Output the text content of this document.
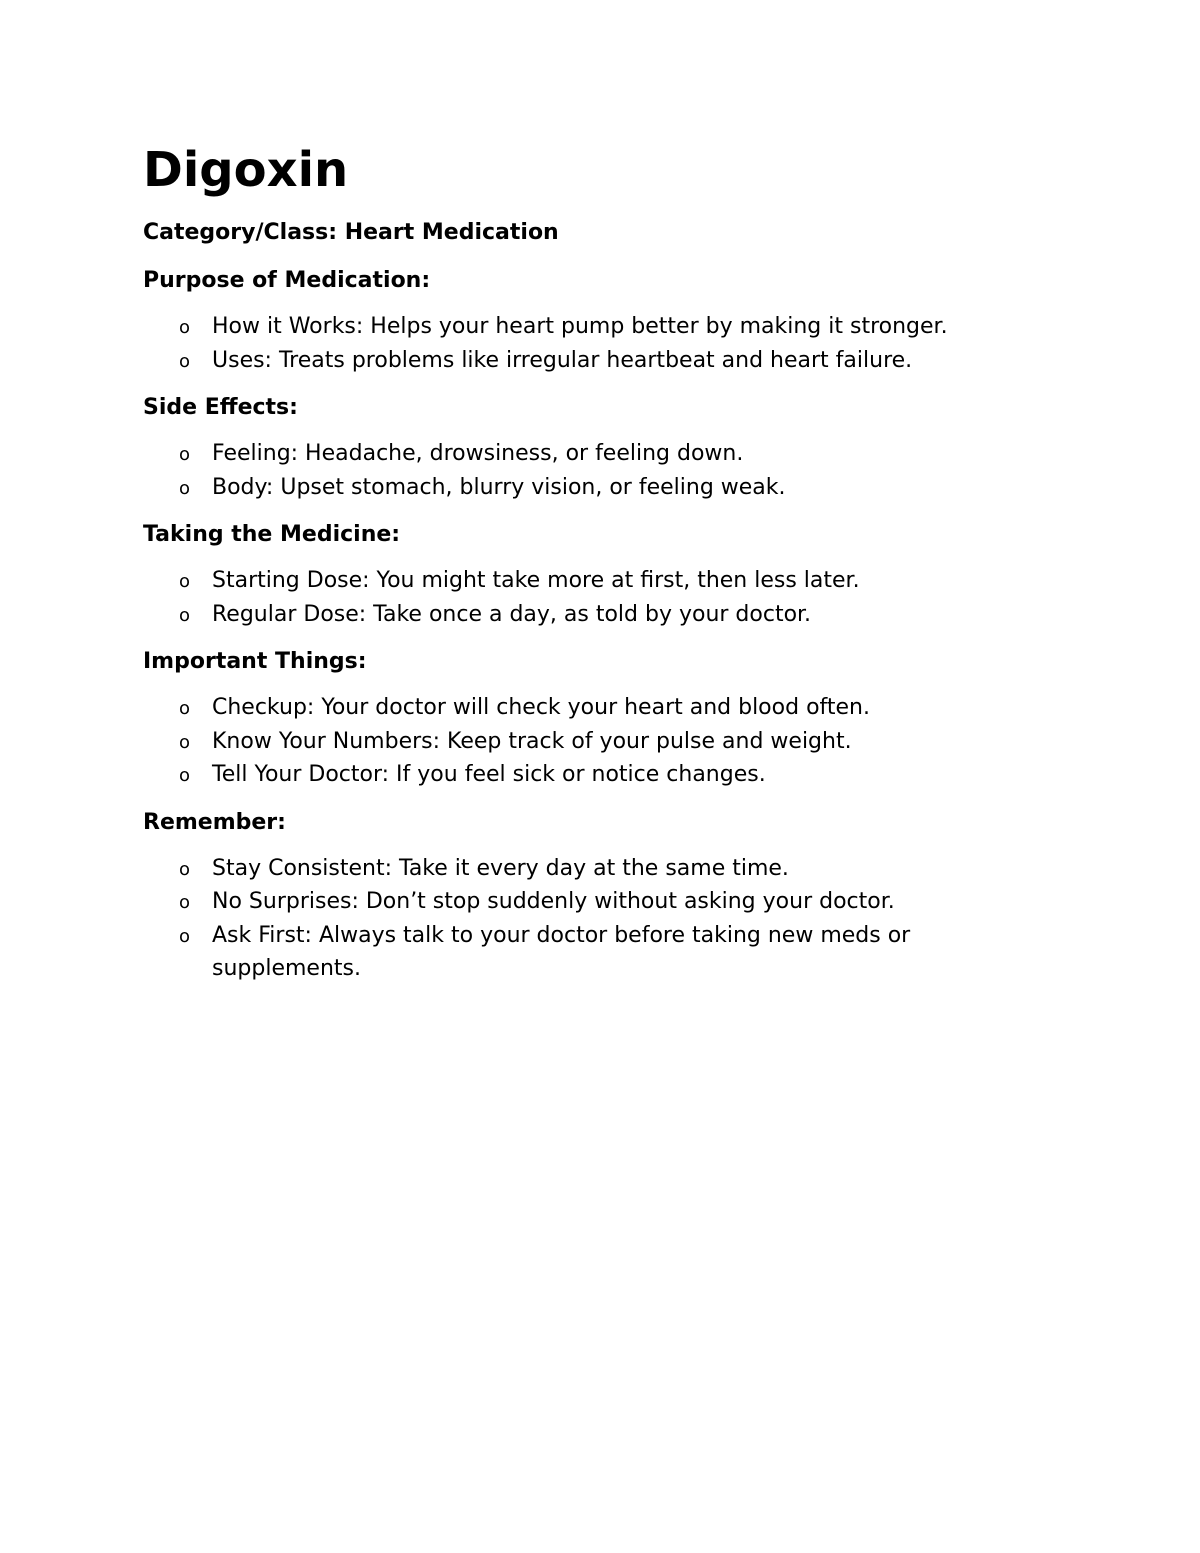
Digoxin

Category/Class: Heart Medication

Purpose of Medication:

o How it Works: Helps your heart pump better by making it stronger.
o Uses: Treats problems like irregular heartbeat and heart failure.

Side Effects:

o Feeling: Headache, drowsiness, or feeling down.
o Body: Upset stomach, blurry vision, or feeling weak.

Taking the Medicine:

o Starting Dose: You might take more at first, then less later.
o Regular Dose: Take once a day, as told by your doctor.

Important Things:

o Checkup: Your doctor will check your heart and blood often.
o Know Your Numbers: Keep track of your pulse and weight.
o Tell Your Doctor: If you feel sick or notice changes.

Remember:

o Stay Consistent: Take it every day at the same time.
o No Surprises: Don’t stop suddenly without asking your doctor.
o Ask First: Always talk to your doctor before taking new meds or supplements.
